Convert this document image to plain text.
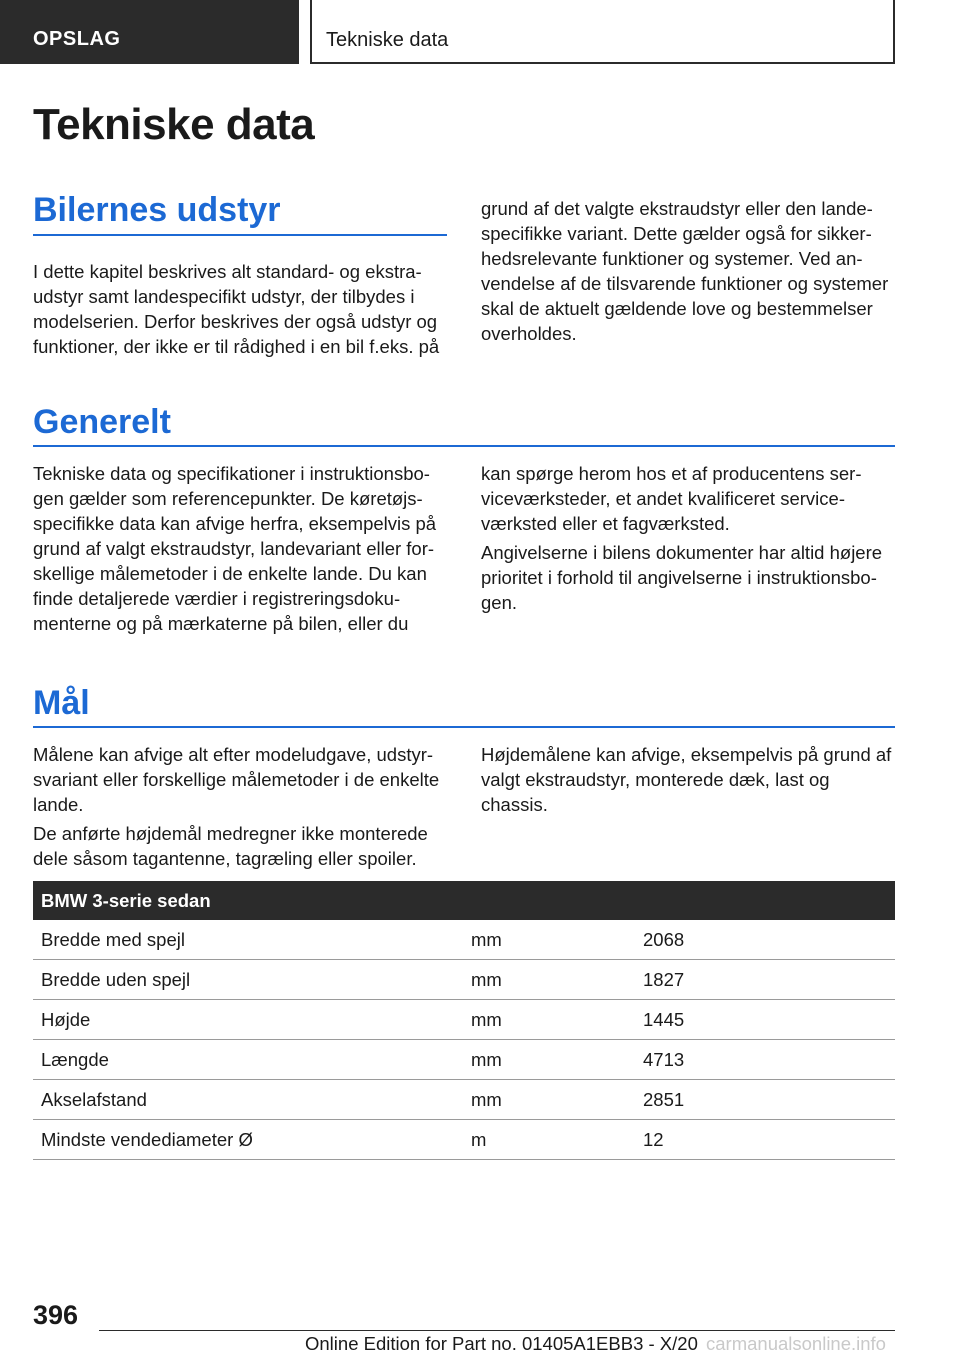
OPSLAG	Tekniske data
Tekniske data
Bilernes udstyr

I dette kapitel beskrives alt standard- og ekstraudstyr samt landespecifikt udstyr, der tilbydes i modelserien. Derfor beskrives der også udstyr og funktioner, der ikke er til rådighed i en bil f.eks. på

grund af det valgte ekstraudstyr eller den landespecifikke variant. Dette gælder også for sikkerhedsrelevante funktioner og systemer. Ved anvendelse af de tilsvarende funktioner og systemer skal de aktuelt gældende love og bestemmelser overholdes.

Generelt

Tekniske data og specifikationer i instruktionsbogen gælder som referencepunkter. De køretøjsspecifikke data kan afvige herfra, eksempelvis på grund af valgt ekstraudstyr, landevariant eller forskellige målemetoder i de enkelte lande. Du kan finde detaljerede værdier i registreringsdokumenterne og på mærkaterne på bilen, eller du

kan spørge herom hos et af producentens serviceværksteder, et andet kvalificeret serviceværksted eller et fagværksted.

Angivelserne i bilens dokumenter har altid højere prioritet i forhold til angivelserne i instruktionsbogen.

Mål

Målene kan afvige alt efter modeludgave, udstyrsvariant eller forskellige målemetoder i de enkelte lande.

De anførte højdemål medregner ikke monterede dele såsom tagantenne, tagræling eller spoiler.

Højdemålene kan afvige, eksempelvis på grund af valgt ekstraudstyr, monterede dæk, last og chassis.

BMW 3-serie sedan		
Bredde med spejl	mm	2068
Bredde uden spejl	mm	1827
Højde	mm	1445
Længde	mm	4713
Akselafstand	mm	2851
Mindste vendediameter Ø	m	12
396
Online Edition for Part no. 01405A1EBB3 - X/20 carmanualsonline.info
